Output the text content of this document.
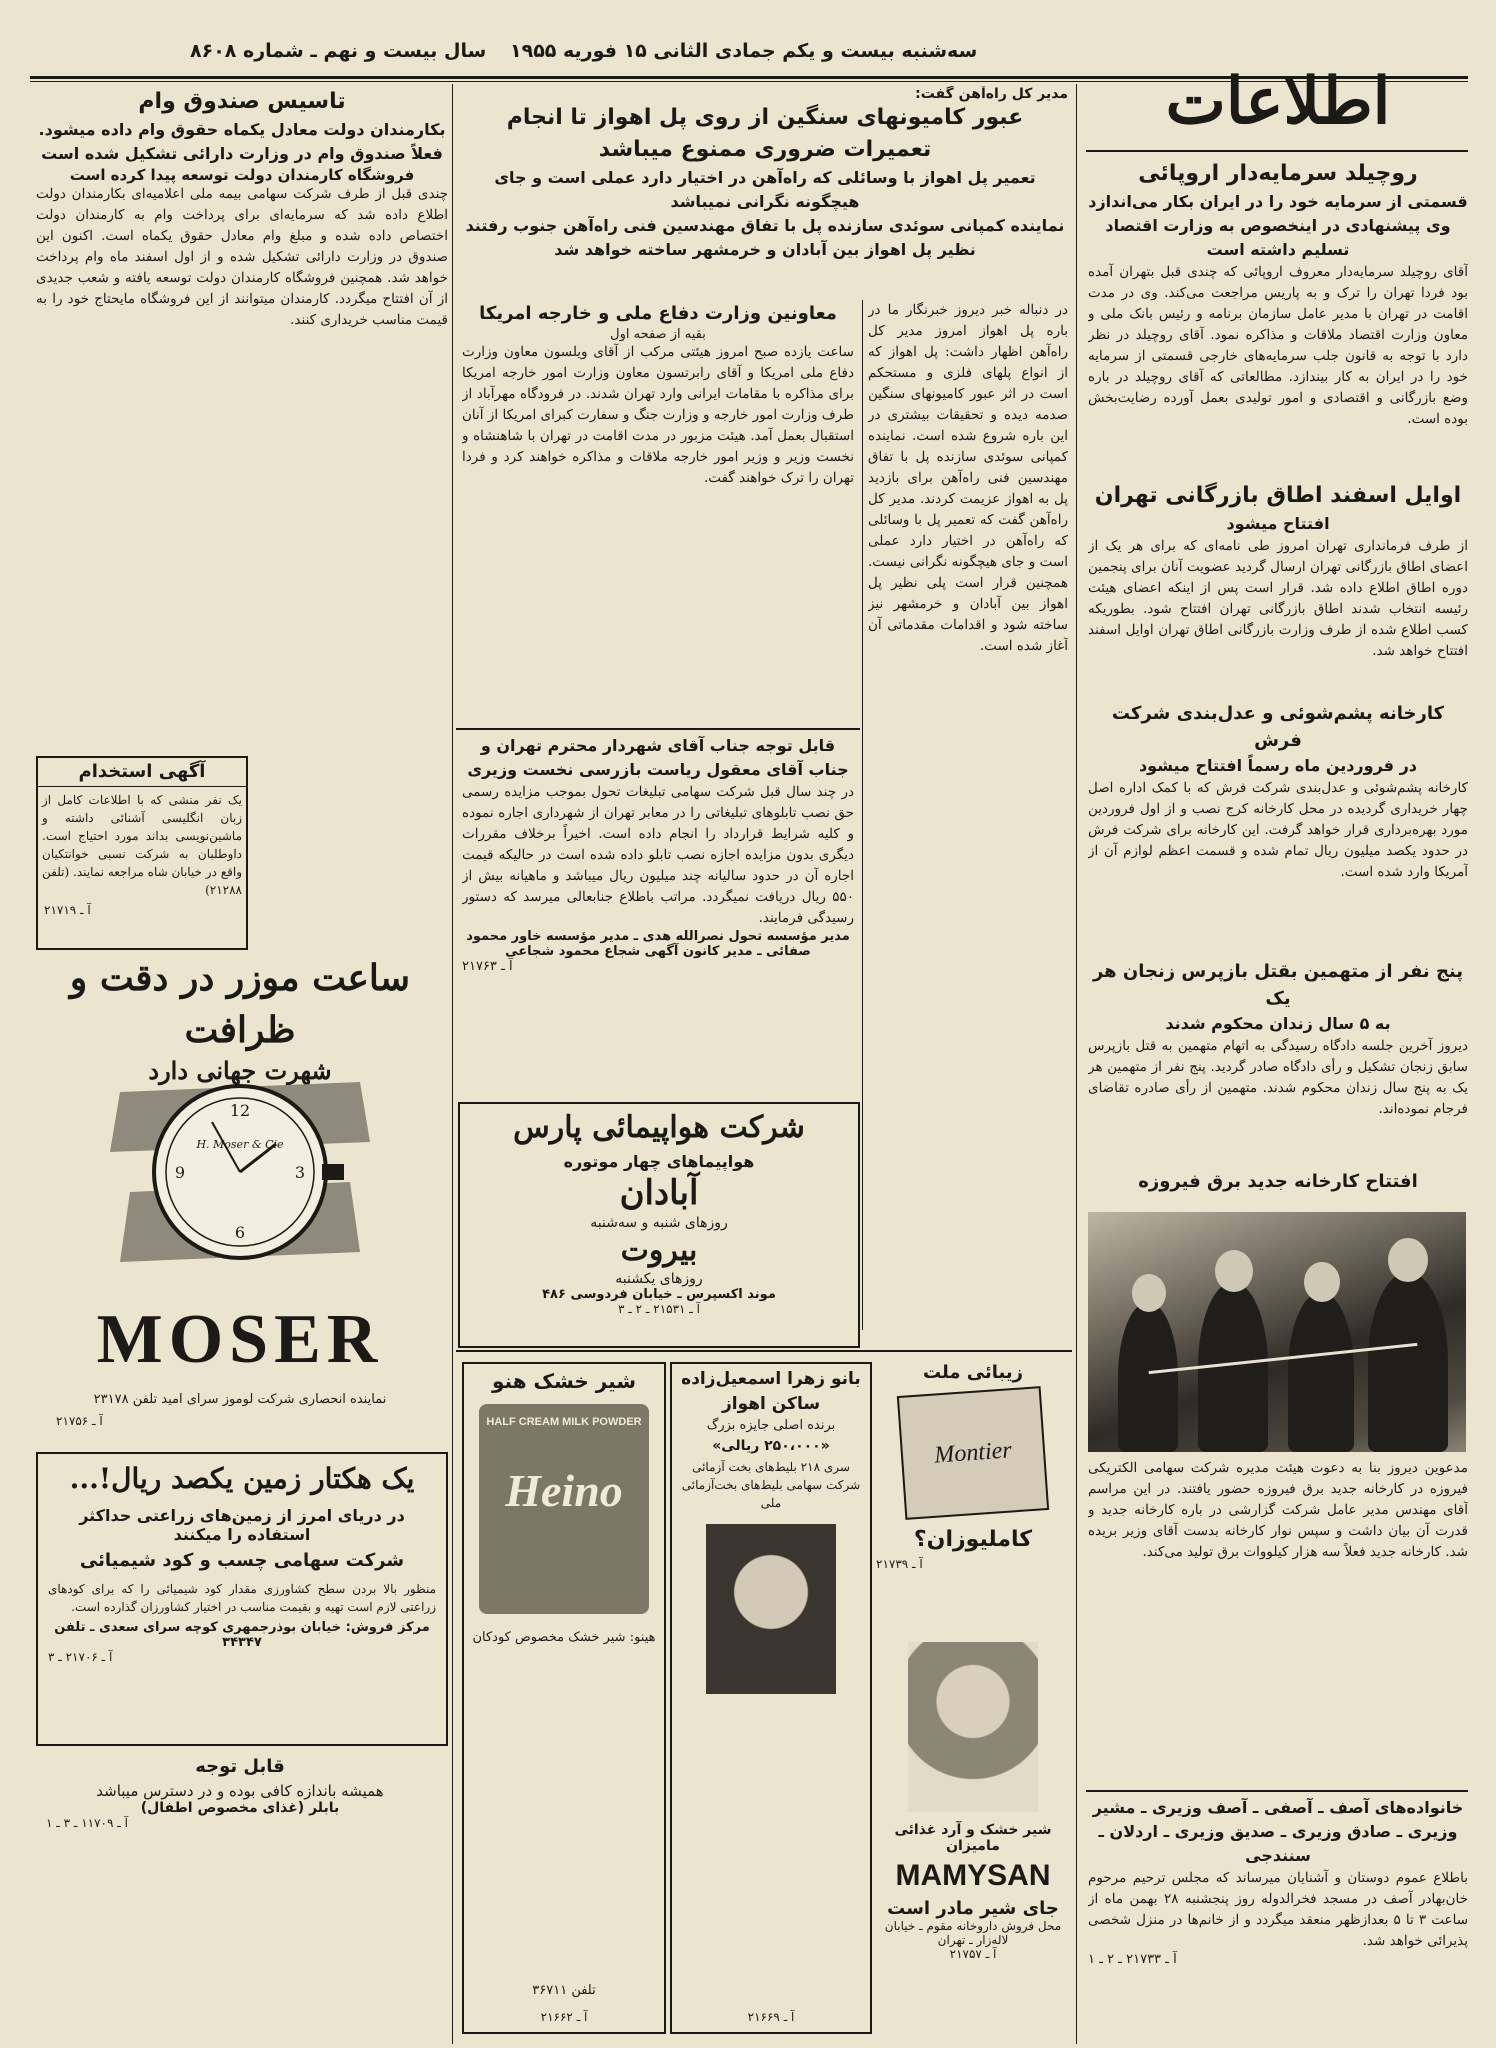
سال بیست و نهم ـ شماره ۸۶۰۸ سه‌شنبه بیست و یکم جمادی الثانی ۱۵ فوریه ۱۹۵۵
اطلاعات
روچیلد سرمایه‌دار اروپائی
قسمتی از سرمایه خود را در ایران بکار می‌اندازد وی پیشنهادی در اینخصوص به وزارت اقتصاد تسلیم داشته است
آقای روچیلد سرمایه‌دار معروف اروپائی که چندی قبل بتهران آمده بود فردا تهران را ترک و به پاریس مراجعت می‌کند. وی در مدت اقامت در تهران با مدیر عامل سازمان برنامه و رئیس بانک ملی و معاون وزارت اقتصاد ملاقات و مذاکره نمود. آقای روچیلد در نظر دارد با توجه به قانون جلب سرمایه‌های خارجی قسمتی از سرمایه خود را در ایران به کار بیندازد. مطالعاتی که آقای روچیلد در باره وضع بازرگانی و اقتصادی و امور تولیدی بعمل آورده رضایت‌بخش بوده است.
اوایل اسفند اطاق بازرگانی تهران
افتتاح میشود
از طرف فرمانداری تهران امروز طی نامه‌ای که برای هر یک از اعضای اطاق بازرگانی تهران ارسال گردید عضویت آنان برای پنجمین دوره اطاق اطلاع داده شد. قرار است پس از اینکه اعضای هیئت رئیسه انتخاب شدند اطاق بازرگانی تهران افتتاح شود. بطوریکه کسب اطلاع شده از طرف وزارت بازرگانی اطاق تهران اوایل اسفند افتتاح خواهد شد.
کارخانه پشم‌شوئی و عدل‌بندی شرکت فرش
در فروردین ماه رسماً افتتاح میشود
کارخانه پشم‌شوئی و عدل‌بندی شرکت فرش که با کمک اداره اصل چهار خریداری گردیده در محل کارخانه کرج نصب و از اول فروردین مورد بهره‌برداری قرار خواهد گرفت. این کارخانه برای شرکت فرش در حدود یکصد میلیون ریال تمام شده و قسمت اعظم لوازم آن از آمریکا وارد شده است.
پنج نفر از متهمین بقتل بازپرس زنجان هر یک
به ۵ سال زندان محکوم شدند
دیروز آخرین جلسه دادگاه رسیدگی به اتهام متهمین به قتل بازپرس سابق زنجان تشکیل و رأی دادگاه صادر گردید. پنج نفر از متهمین هر یک به پنج سال زندان محکوم شدند. متهمین از رأی صادره تقاضای فرجام نموده‌اند.
افتتاح کارخانه جدید برق فیروزه
مدعوین دیروز بنا به دعوت هیئت مدیره شرکت سهامی الکتریکی فیروزه در کارخانه جدید برق فیروزه حضور یافتند. در این مراسم آقای مهندس مدیر عامل شرکت گزارشی در باره کارخانه جدید و قدرت آن بیان داشت و سپس نوار کارخانه بدست آقای وزیر بریده شد. کارخانه جدید فعلاً سه هزار کیلووات برق تولید می‌کند.
خانواده‌های آصف ـ آصفی ـ آصف وزیری ـ مشیر وزیری ـ صادق وزیری ـ صدیق وزیری ـ اردلان ـ سنندجی
باطلاع عموم دوستان و آشنایان میرساند که مجلس ترحیم مرحوم خان‌بهادر آصف در مسجد فخرالدوله روز پنجشنبه ۲۸ بهمن ماه از ساعت ۳ تا ۵ بعدازظهر منعقد میگردد و از خانم‌ها در منزل شخصی پذیرائی خواهد شد.
آ ـ ۲۱۷۳۳ ـ ۲ ـ ۱
مدیر کل راه‌آهن گفت:
عبور کامیونهای سنگین از روی پل اهواز تا انجام تعمیرات ضروری ممنوع میباشد
تعمیر پل اهواز با وسائلی که راه‌آهن در اختیار دارد عملی است و جای هیچگونه نگرانی نمیباشد
نماینده کمپانی سوئدی سازنده پل با تفاق مهندسین فنی راه‌آهن جنوب رفتند
نظیر پل اهواز بین آبادان و خرمشهر ساخته خواهد شد
در دنباله خبر دیروز خبرنگار ما در باره پل اهواز امروز مدیر کل راه‌آهن اظهار داشت: پل اهواز که از انواع پلهای فلزی و مستحکم است در اثر عبور کامیونهای سنگین صدمه دیده و تحقیقات بیشتری در این باره شروع شده است. نماینده کمپانی سوئدی سازنده پل با تفاق مهندسین فنی راه‌آهن برای بازدید پل به اهواز عزیمت کردند. مدیر کل راه‌آهن گفت که تعمیر پل با وسائلی که راه‌آهن در اختیار دارد عملی است و جای هیچگونه نگرانی نیست. همچنین قرار است پلی نظیر پل اهواز بین آبادان و خرمشهر نیز ساخته شود و اقدامات مقدماتی آن آغاز شده است.
معاونین وزارت دفاع ملی و خارجه امریکا
بقیه از صفحه اول
ساعت یازده صبح امروز هیئتی مرکب از آقای ویلسون معاون وزارت دفاع ملی امریکا و آقای رابرتسون معاون وزارت امور خارجه امریکا برای مذاکره با مقامات ایرانی وارد تهران شدند. در فرودگاه مهرآباد از طرف وزارت امور خارجه و وزارت جنگ و سفارت کبرای امریکا از آنان استقبال بعمل آمد. هیئت مزبور در مدت اقامت در تهران با شاهنشاه و نخست وزیر و وزیر امور خارجه ملاقات و مذاکره خواهند کرد و فردا تهران را ترک خواهند گفت.
قابل توجه جناب آقای شهردار محترم تهران و جناب آقای معقول ریاست بازرسی نخست وزیری
در چند سال قبل شرکت سهامی تبلیغات تحول بموجب مزایده رسمی حق نصب تابلوهای تبلیغاتی را در معابر تهران از شهرداری اجاره نموده و کلیه شرایط قرارداد را انجام داده است. اخیراً برخلاف مقررات دیگری بدون مزایده اجازه نصب تابلو داده شده است در حالیکه قیمت اجاره آن در حدود سالیانه چند میلیون ریال میباشد و ماهیانه بیش از ۵۵۰ ریال دریافت نمیگردد. مراتب باطلاع جنابعالی میرسد که دستور رسیدگی فرمایند.
مدیر مؤسسه تحول نصرالله هدی ـ مدیر مؤسسه خاور محمود صفائی ـ مدیر کانون آگهی شجاع محمود شجاعی
آ ـ ۲۱۷۶۳
شرکت هواپیمائی پارس
هواپیماهای چهار موتوره
آبادان
روزهای شنبه و سه‌شنبه
بیروت
روزهای یکشنبه
موند اکسپرس ـ خیابان فردوسی ۴۸۶
آ ـ ۲۱۵۳۱ ـ ۲ ـ ۳
تاسیس صندوق وام
بکارمندان دولت معادل یکماه حقوق وام داده میشود. فعلاً صندوق وام در وزارت دارائی تشکیل شده است
فروشگاه کارمندان دولت توسعه پیدا کرده است
چندی قبل از طرف شرکت سهامی بیمه ملی اعلامیه‌ای بکارمندان دولت اطلاع داده شد که سرمایه‌ای برای پرداخت وام به کارمندان دولت اختصاص داده شده و مبلغ وام معادل حقوق یکماه است. اکنون این صندوق در وزارت دارائی تشکیل شده و از اول اسفند ماه وام پرداخت خواهد شد. همچنین فروشگاه کارمندان دولت توسعه یافته و شعب جدیدی از آن افتتاح میگردد. کارمندان میتوانند از این فروشگاه مایحتاج خود را به قیمت مناسب خریداری کنند.
آگهی استخدام
یک نفر منشی که با اطلاعات کامل از زبان انگلیسی آشنائی داشته و ماشین‌نویسی بداند مورد احتیاج است. داوطلبان به شرکت نسبی خوانتکیان واقع در خیابان شاه مراجعه نمایند. (تلفن ۲۱۲۸۸)
آ ـ ۲۱۷۱۹
ساعت موزر در دقت و ظرافت
شهرت جهانی دارد
12
3
6
9
H. Moser & Cie
MOSER
نماینده انحصاری شرکت لوموز سرای امید تلفن ۲۳۱۷۸
آ ـ ۲۱۷۵۶
یک هکتار زمین یکصد ریال!...
در دریای امرز از زمین‌های زراعتی حداکثر استفاده را میکنند
شرکت سهامی چسب و کود شیمیائی
منظور بالا بردن سطح کشاورزی مقدار کود شیمیائی را که برای کودهای زراعتی لازم است تهیه و بقیمت مناسب در اختیار کشاورزان گذارده است.
مرکز فروش: خیابان بوذرجمهری کوچه سرای سعدی ـ تلفن ۳۴۳۴۷
آ ـ ۲۱۷۰۶ ـ ۳
قابل توجه
همیشه باندازه کافی بوده و در دسترس میباشد
بابلر (غذای مخصوص اطفال)
آ ـ ۱۱۷۰۹ ـ ۳ ـ ۱
شیر خشک هنو
HALF CREAM MILK POWDER
Heino
هینو: شیر خشک مخصوص کودکان
تلفن ۳۶۷۱۱
آ ـ ۲۱۶۶۲
بانو زهرا اسمعیل‌زاده
ساکن اهواز
برنده اصلی جایزه بزرگ
«۲۵۰،۰۰۰ ریالی»
سری ۲۱۸ بلیط‌های بخت آزمائی شرکت سهامی بلیط‌های بخت‌آزمائی ملی
آ ـ ۲۱۶۶۹
زیبائی ملت
Montier
کاملیوزان؟
آ ـ ۲۱۷۳۹
شیر خشک و آرد غذائی مامیزان
MAMYSAN
جای شیر مادر است
محل فروش داروخانه مقوم ـ خیابان لاله‌زار ـ تهران
آ ـ ۲۱۷۵۷
